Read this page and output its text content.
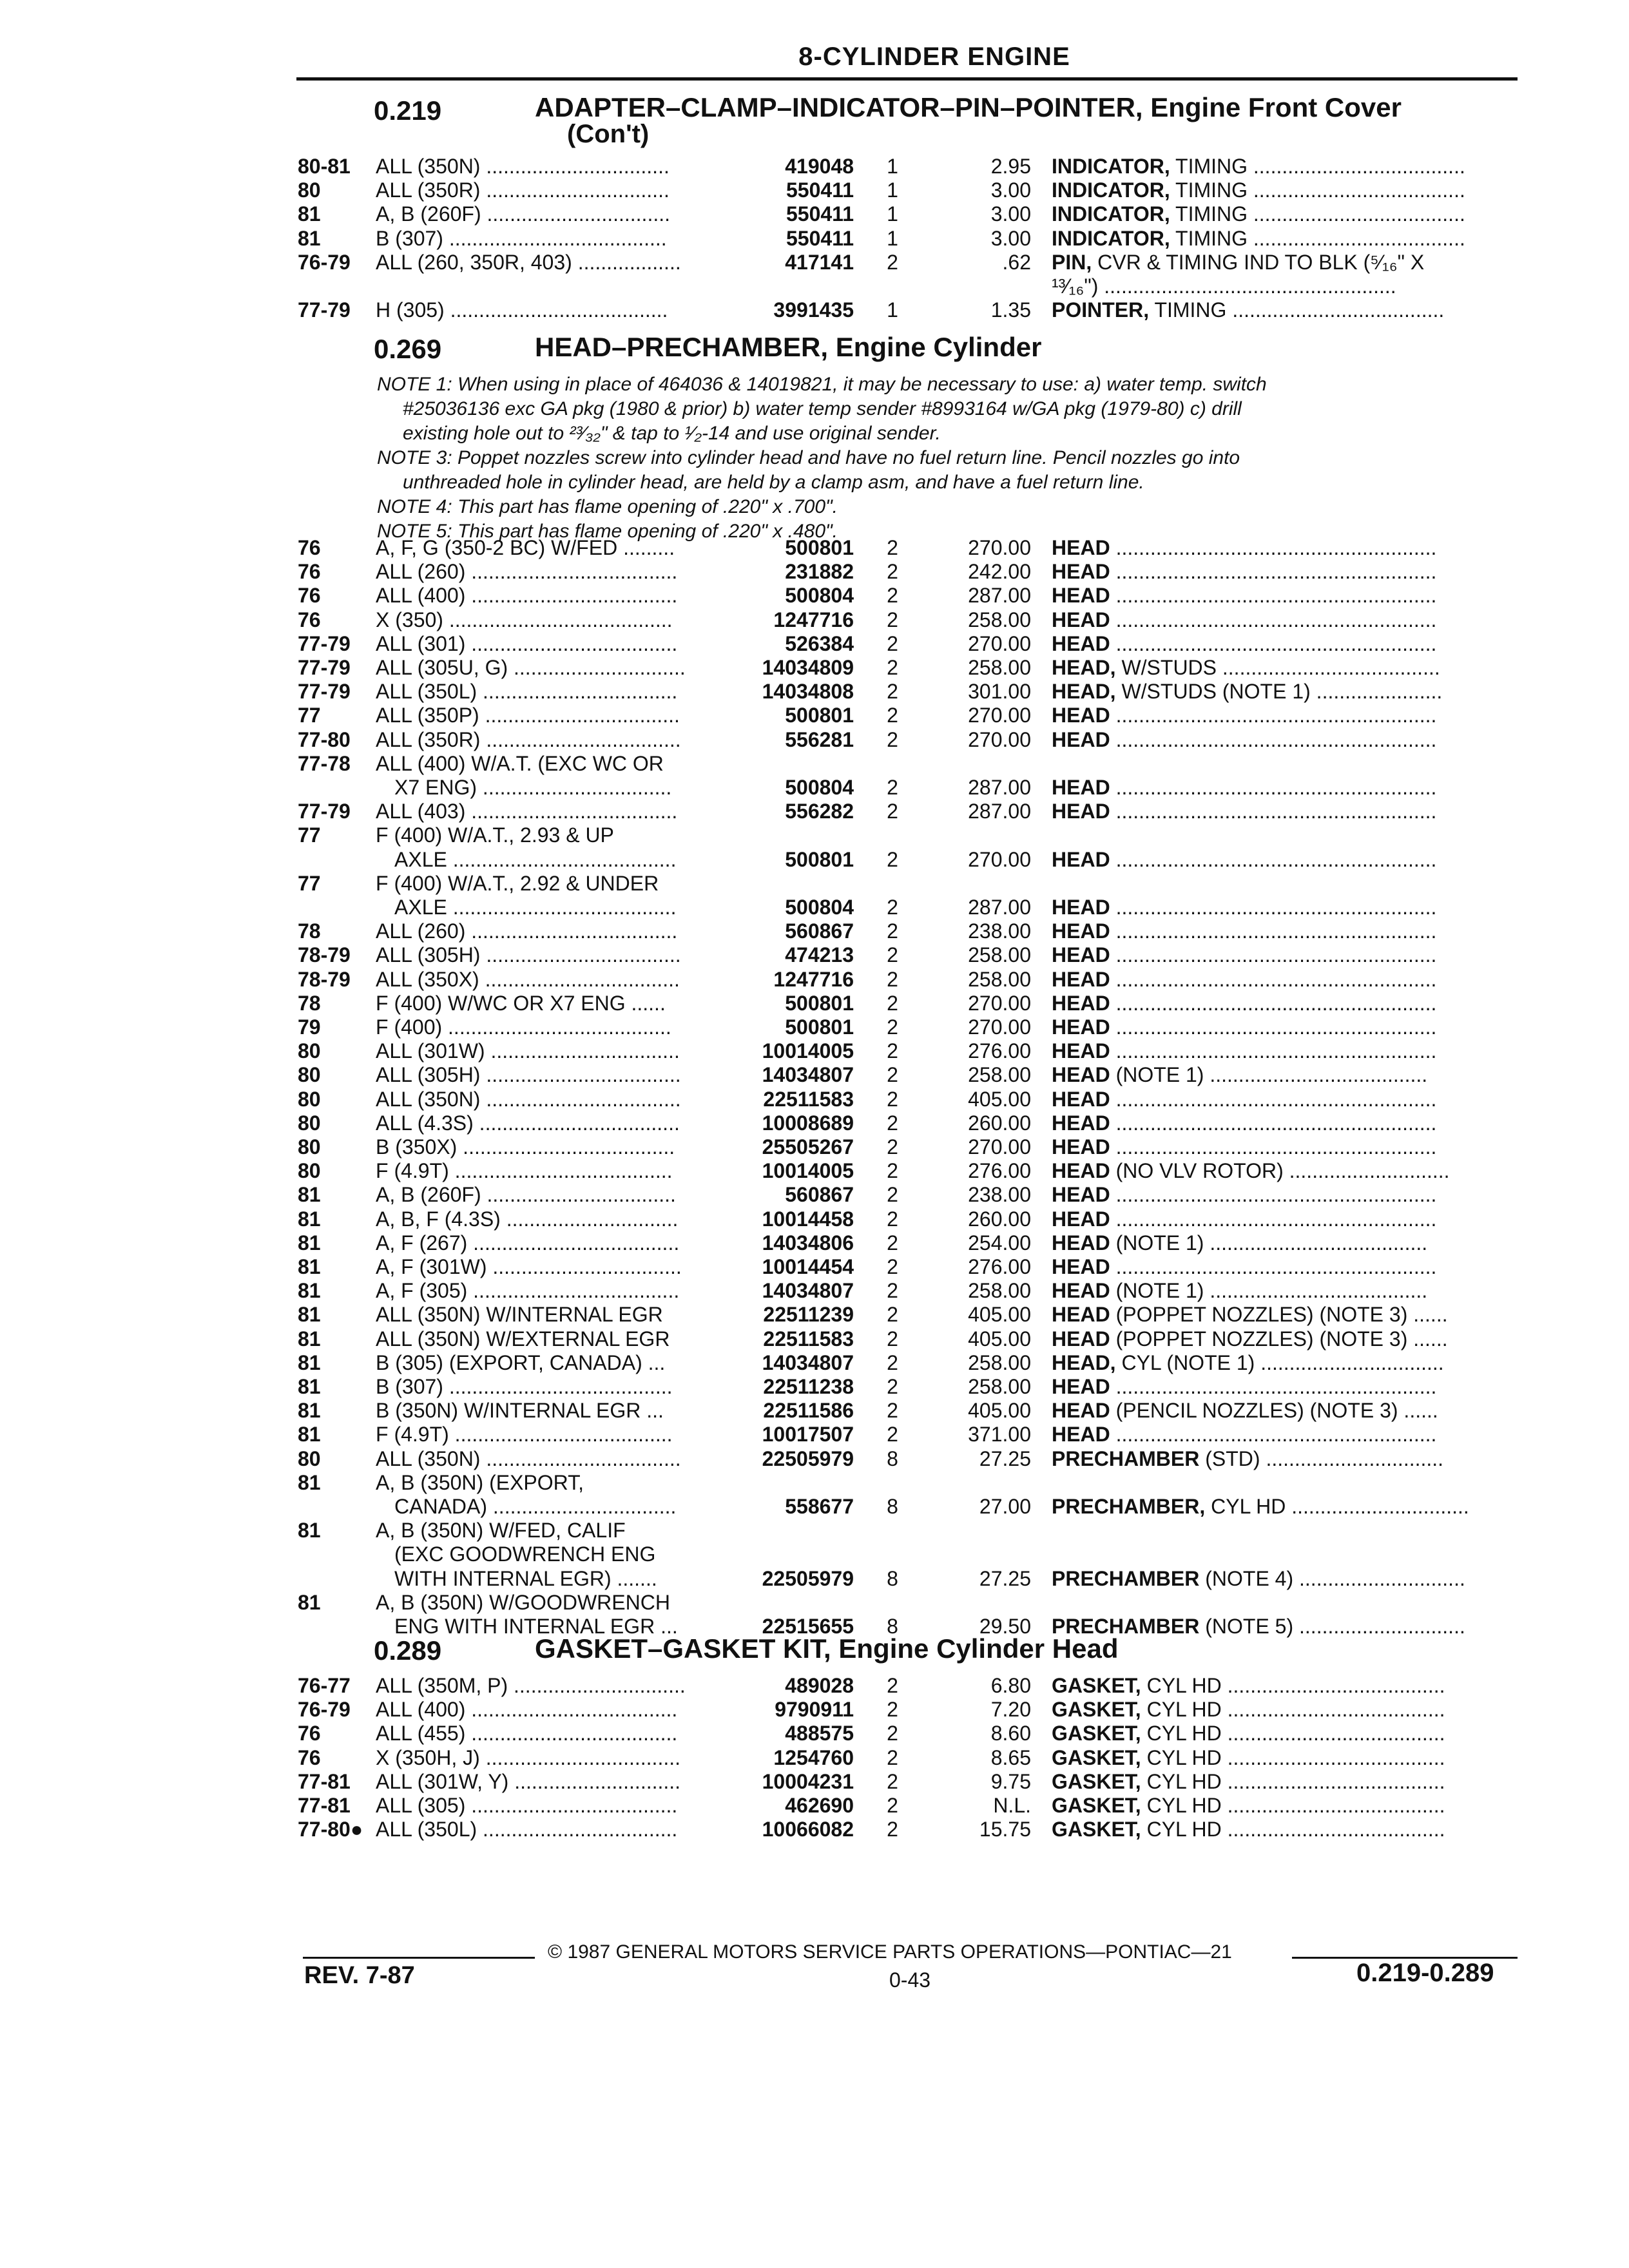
8-CYLINDER ENGINE
0.219	ADAPTER–CLAMP–INDICATOR–PIN–POINTER, Engine Front Cover
(Con't)
80-81 ALL (350N) ................................	419048	1	2.95 INDICATOR, TIMING .....................................
80	ALL (350R) ................................	550411	1	3.00 INDICATOR, TIMING .....................................
81	A, B (260F) ................................	550411	1	3.00 INDICATOR, TIMING .....................................
81	B (307) ......................................	550411	1	3.00 INDICATOR, TIMING .....................................
76-79 ALL (260, 350R, 403) ..................	417141	2	.62 PIN, CVR & TIMING IND TO BLK (⁵⁄₁₆" X
¹³⁄₁₆") ...................................................
77-79 H (305) ......................................	3991435	1	1.35 POINTER, TIMING .....................................
0.269	HEAD–PRECHAMBER, Engine Cylinder
NOTE 1: When using in place of 464036 & 14019821, it may be necessary to use: a) water temp. switch
#25036136 exc GA pkg (1980 & prior) b) water temp sender #8993164 w/GA pkg (1979-80) c) drill
existing hole out to ²³⁄₃₂" & tap to ¹⁄₂-14 and use original sender.
NOTE 3: Poppet nozzles screw into cylinder head and have no fuel return line. Pencil nozzles go into
unthreaded hole in cylinder head, are held by a clamp asm, and have a fuel return line.
NOTE 4: This part has flame opening of .220" x .700".
NOTE 5: This part has flame opening of .220" x .480".
76	A, F, G (350-2 BC) W/FED .........	500801	2	270.00 HEAD ........................................................
76	ALL (260) ....................................	231882	2	242.00 HEAD ........................................................
76	ALL (400) ....................................	500804	2	287.00 HEAD ........................................................
76	X (350) .......................................	1247716	2	258.00 HEAD ........................................................
77-79 ALL (301) ....................................	526384	2	270.00 HEAD ........................................................
77-79 ALL (305U, G) ..............................	14034809	2	258.00 HEAD, W/STUDS ......................................
77-79 ALL (350L) ..................................	14034808	2	301.00 HEAD, W/STUDS (NOTE 1) ......................
77	ALL (350P) ..................................	500801	2	270.00 HEAD ........................................................
77-80 ALL (350R) ..................................	556281	2	270.00 HEAD ........................................................
77-78 ALL (400) W/A.T. (EXC WC OR
X7 ENG) .................................	500804	2	287.00 HEAD ........................................................
77-79 ALL (403) ....................................	556282	2	287.00 HEAD ........................................................
77	F (400) W/A.T., 2.93 & UP
AXLE .......................................	500801	2	270.00 HEAD ........................................................
77	F (400) W/A.T., 2.92 & UNDER
AXLE .......................................	500804	2	287.00 HEAD ........................................................
78	ALL (260) ....................................	560867	2	238.00 HEAD ........................................................
78-79 ALL (305H) ..................................	474213	2	258.00 HEAD ........................................................
78-79 ALL (350X) ..................................	1247716	2	258.00 HEAD ........................................................
78	F (400) W/WC OR X7 ENG ......	500801	2	270.00 HEAD ........................................................
79	F (400) .......................................	500801	2	270.00 HEAD ........................................................
80	ALL (301W) .................................	10014005	2	276.00 HEAD ........................................................
80	ALL (305H) ..................................	14034807	2	258.00 HEAD (NOTE 1) ......................................
80	ALL (350N) ..................................	22511583	2	405.00 HEAD ........................................................
80	ALL (4.3S) ...................................	10008689	2	260.00 HEAD ........................................................
80	B (350X) .....................................	25505267	2	270.00 HEAD ........................................................
80	F (4.9T) ......................................	10014005	2	276.00 HEAD (NO VLV ROTOR) ............................
81	A, B (260F) .................................	560867	2	238.00 HEAD ........................................................
81	A, B, F (4.3S) ..............................	10014458	2	260.00 HEAD ........................................................
81	A, F (267) ....................................	14034806	2	254.00 HEAD (NOTE 1) ......................................
81	A, F (301W) .................................	10014454	2	276.00 HEAD ........................................................
81	A, F (305) ....................................	14034807	2	258.00 HEAD (NOTE 1) ......................................
81	ALL (350N) W/INTERNAL EGR	22511239	2	405.00 HEAD (POPPET NOZZLES) (NOTE 3) ......
81	ALL (350N) W/EXTERNAL EGR	22511583	2	405.00 HEAD (POPPET NOZZLES) (NOTE 3) ......
81	B (305) (EXPORT, CANADA) ...	14034807	2	258.00 HEAD, CYL (NOTE 1) ................................
81	B (307) .......................................	22511238	2	258.00 HEAD ........................................................
81	B (350N) W/INTERNAL EGR ...	22511586	2	405.00 HEAD (PENCIL NOZZLES) (NOTE 3) ......
81	F (4.9T) ......................................	10017507	2	371.00 HEAD ........................................................
80	ALL (350N) ..................................	22505979	8	27.25 PRECHAMBER (STD) ...............................
81	A, B (350N) (EXPORT,
CANADA) ................................	558677	8	27.00 PRECHAMBER, CYL HD ...............................
81	A, B (350N) W/FED, CALIF
(EXC GOODWRENCH ENG
WITH INTERNAL EGR) .......	22505979	8	27.25 PRECHAMBER (NOTE 4) .............................
81	A, B (350N) W/GOODWRENCH
ENG WITH INTERNAL EGR ...	22515655	8	29.50 PRECHAMBER (NOTE 5) .............................
0.289	GASKET–GASKET KIT, Engine Cylinder Head
76-77 ALL (350M, P) ..............................	489028	2	6.80 GASKET, CYL HD ......................................
76-79 ALL (400) ....................................	9790911	2	7.20 GASKET, CYL HD ......................................
76	ALL (455) ....................................	488575	2	8.60 GASKET, CYL HD ......................................
76	X (350H, J) ..................................	1254760	2	8.65 GASKET, CYL HD ......................................
77-81 ALL (301W, Y) .............................	10004231	2	9.75 GASKET, CYL HD ......................................
77-81 ALL (305) ....................................	462690	2	N.L. GASKET, CYL HD ......................................
77-80● ALL (350L) ..................................	10066082	2	15.75 GASKET, CYL HD ......................................
© 1987 GENERAL MOTORS SERVICE PARTS OPERATIONS—PONTIAC—21
REV. 7-87	0-43	0.219-0.289
